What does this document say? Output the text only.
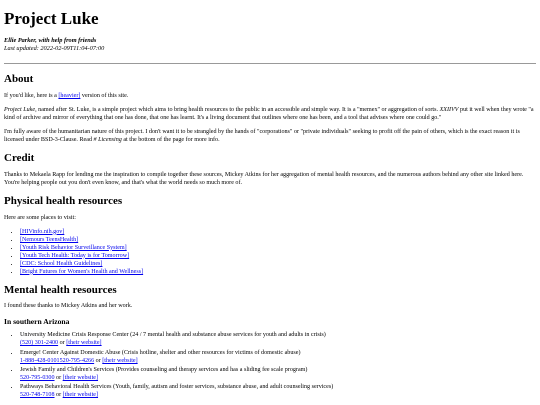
Project Luke
Ellie Parker, with help from friends
Last updated: 2022-02-09T11:04-07:00
About

If you'd like, here is a [heavier] version of this site.

Project Luke, named after St. Luke, is a simple project which aims to bring health resources to the public in an accessible and simple way. It is a "memex" or aggregation of sorts. XXIIVV put it well when they wrote "a kind of archive and mirror of everything that one has done, that one has learnt. It's a living document that outlines where one has been, and a tool that advises where one could go."

I'm fully aware of the humanitarian nature of this project. I don't want it to be strangled by the hands of "corporations" or "private individuals" seeking to profit off the pain of others, which is the exact reason it is licensed under BSD-3-Clause. Read # Licensing at the bottom of the page for more info.

Credit

Thanks to Mekaela Rapp for lending me the inspiration to compile together these sources, Mickey Atkins for her aggregation of mental health resources, and the numerous authors behind any other site linked here. You're helping people out you don't even know, and that's what the world needs so much more of.

Physical health resources

Here are some places to visit:

• [HIVinfo.nih.gov]
• [Nemours TeensHealth]
• [Youth Risk Behavior Surveillance System]
• [Youth Tech Health: Today is for Tomorrow]
• [CDC: School Health Guidelines]
• [Bright Futures for Women's Health and Wellness]
Mental health resources

I found these thanks to Mickey Atkins and her work.

In southern Arizona
• University Medicine Crisis Response Center (24 / 7 mental health and substance abuse services for youth and adults in crisis)
(520) 301-2400 or [their website]
• Emerge! Center Against Domestic Abuse (Crisis hotline, shelter and other resources for victims of domestic abuse)
1-888-428-0101520-795-4266 or [their website]
• Jewish Family and Children's Services (Provides counseling and therapy services and has a sliding fee scale program)
520-795-0300 or [their website]
• Pathways Behavioral Health Services (Youth, family, autism and foster services, substance abuse, and adult counseling services)
520-748-7108 or [their website]
